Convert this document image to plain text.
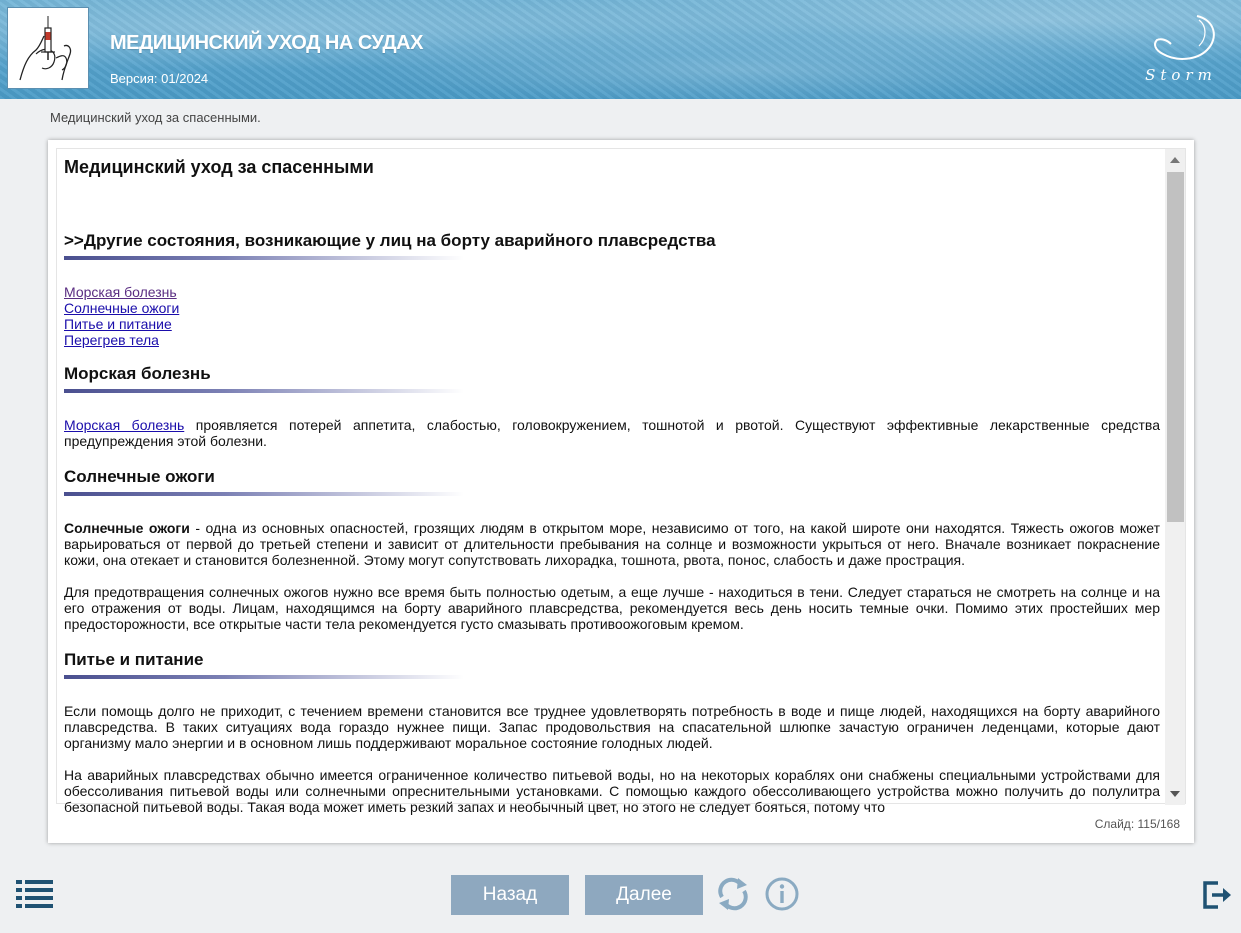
МЕДИЦИНСКИЙ УХОД НА СУДАХ
Версия: 01/2024	Storm
Медицинский уход за спасенными.
Медицинский уход за спасенными
>>Другие состояния, возникающие у лиц на борту аварийного плавсредства
Морская болезнь
Солнечные ожоги
Питье и питание
Перегрев тела
Морская болезнь

Морская болезнь проявляется потерей аппетита, слабостью, головокружением, тошнотой и рвотой. Существуют эффективные лекарственные средства предупреждения этой болезни.

Солнечные ожоги

Солнечные ожоги - одна из основных опасностей, грозящих людям в открытом море, независимо от того, на какой широте они находятся. Тяжесть ожогов может варьироваться от первой до третьей степени и зависит от длительности пребывания на солнце и возможности укрыться от него. Вначале возникает покраснение кожи, она отекает и становится болезненной. Этому могут сопутствовать лихорадка, тошнота, рвота, понос, слабость и даже прострация.

Для предотвращения солнечных ожогов нужно все время быть полностью одетым, а еще лучше - находиться в тени. Следует стараться не смотреть на солнце и на его отражения от воды. Лицам, находящимся на борту аварийного плавсредства, рекомендуется весь день носить темные очки. Помимо этих простейших мер предосторожности, все открытые части тела рекомендуется густо смазывать противоожоговым кремом.

Питье и питание

Если помощь долго не приходит, с течением времени становится все труднее удовлетворять потребность в воде и пище людей, находящихся на борту аварийного плавсредства. В таких ситуациях вода гораздо нужнее пищи. Запас продовольствия на спасательной шлюпке зачастую ограничен леденцами, которые дают организму мало энергии и в основном лишь поддерживают моральное состояние голодных людей.

На аварийных плавсредствах обычно имеется ограниченное количество питьевой воды, но на некоторых кораблях они снабжены специальными устройствами для обессоливания питьевой воды или солнечными опреснительными установками. С помощью каждого обессоливающего устройства можно получить до полулитра безопасной питьевой воды. Такая вода может иметь резкий запах и необычный цвет, но этого не следует бояться, потому что

Слайд: 115/168
Назад	Далее
